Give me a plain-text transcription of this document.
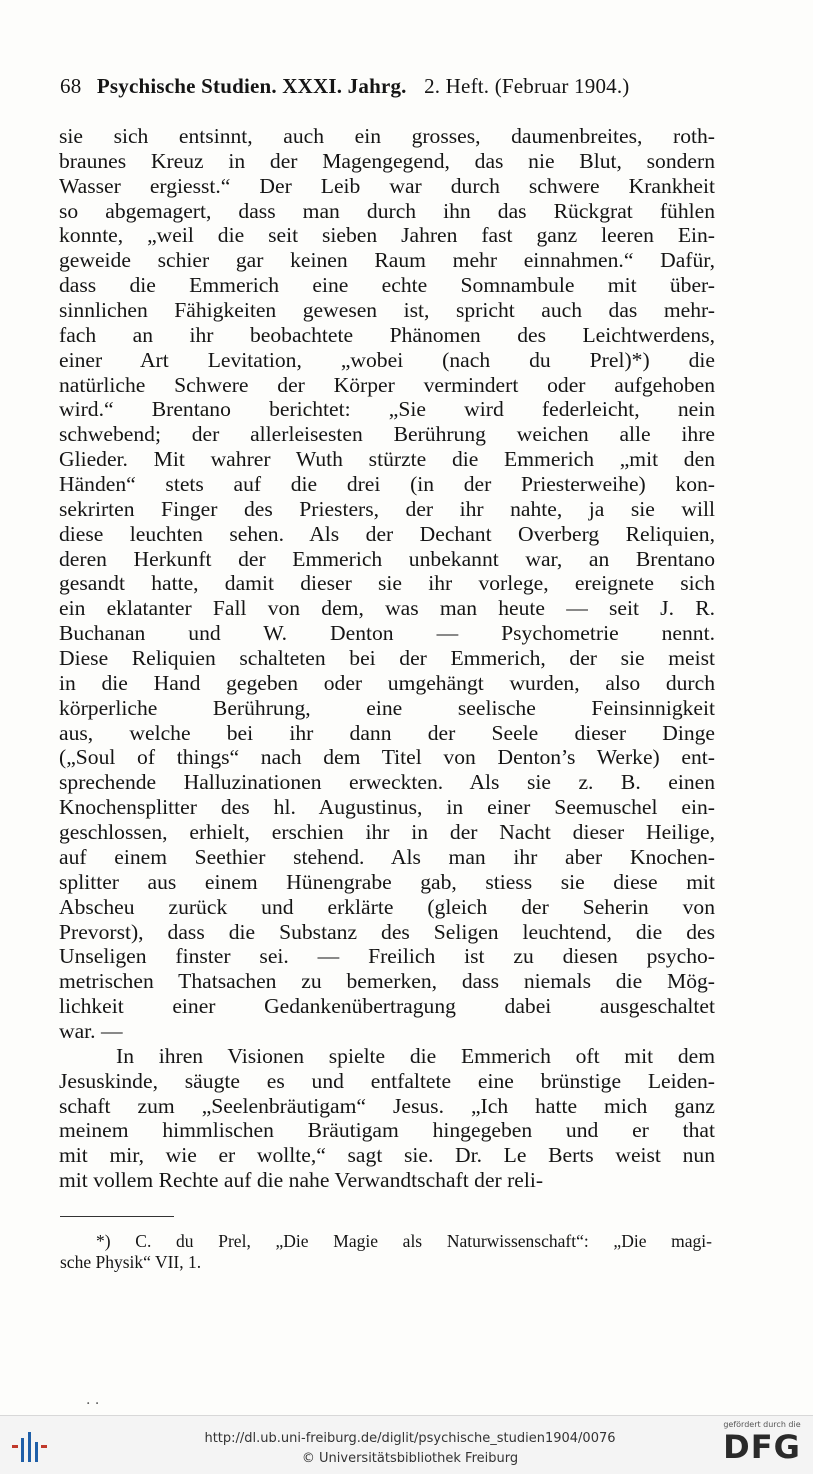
68 Psychische Studien. XXXI. Jahrg. 2. Heft. (Februar 1904.)
sie sich entsinnt, auch ein grosses, daumenbreites, roth-
braunes Kreuz in der Magengegend, das nie Blut, sondern
Wasser ergiesst.“ Der Leib war durch schwere Krankheit
so abgemagert, dass man durch ihn das Rückgrat fühlen
konnte, „weil die seit sieben Jahren fast ganz leeren Ein-
geweide schier gar keinen Raum mehr einnahmen.“ Dafür,
dass die Emmerich eine echte Somnambule mit über-
sinnlichen Fähigkeiten gewesen ist, spricht auch das mehr-
fach an ihr beobachtete Phänomen des Leichtwerdens,
einer Art Levitation, „wobei (nach du Prel)*) die
natürliche Schwere der Körper vermindert oder aufgehoben
wird.“ Brentano berichtet: „Sie wird federleicht, nein
schwebend; der allerleisesten Berührung weichen alle ihre
Glieder. Mit wahrer Wuth stürzte die Emmerich „mit den
Händen“ stets auf die drei (in der Priesterweihe) kon-
sekrirten Finger des Priesters, der ihr nahte, ja sie will
diese leuchten sehen. Als der Dechant Overberg Reliquien,
deren Herkunft der Emmerich unbekannt war, an Brentano
gesandt hatte, damit dieser sie ihr vorlege, ereignete sich
ein eklatanter Fall von dem, was man heute — seit J. R.
Buchanan und W. Denton — Psychometrie nennt.
Diese Reliquien schalteten bei der Emmerich, der sie meist
in die Hand gegeben oder umgehängt wurden, also durch
körperliche Berührung, eine seelische Feinsinnigkeit
aus, welche bei ihr dann der Seele dieser Dinge
(„Soul of things“ nach dem Titel von Denton’s Werke) ent-
sprechende Halluzinationen erweckten. Als sie z. B. einen
Knochensplitter des hl. Augustinus, in einer Seemuschel ein-
geschlossen, erhielt, erschien ihr in der Nacht dieser Heilige,
auf einem Seethier stehend. Als man ihr aber Knochen-
splitter aus einem Hünengrabe gab, stiess sie diese mit
Abscheu zurück und erklärte (gleich der Seherin von
Prevorst), dass die Substanz des Seligen leuchtend, die des
Unseligen finster sei. — Freilich ist zu diesen psycho-
metrischen Thatsachen zu bemerken, dass niemals die Mög-
lichkeit einer Gedankenübertragung dabei ausgeschaltet
war. —
In ihren Visionen spielte die Emmerich oft mit dem
Jesuskinde, säugte es und entfaltete eine brünstige Leiden-
schaft zum „Seelenbräutigam“ Jesus. „Ich hatte mich ganz
meinem himmlischen Bräutigam hingegeben und er that
mit mir, wie er wollte,“ sagt sie. Dr. Le Berts weist nun
mit vollem Rechte auf die nahe Verwandtschaft der reli-
*) C. du Prel, „Die Magie als Naturwissenschaft“: „Die magi-
sche Physik“ VII, 1.
· ·
http://dl.ub.uni-freiburg.de/diglit/psychische_studien1904/0076
© Universitätsbibliothek Freiburg
gefördert durch die
DFG
